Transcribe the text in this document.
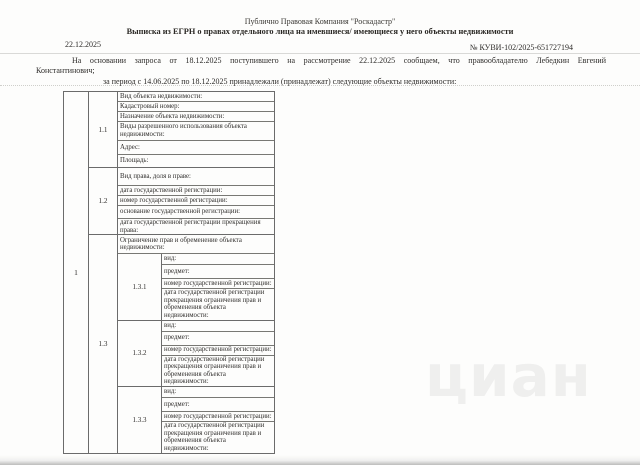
Публично Правовая Компания "Роскадастр"
Выписка из ЕГРН о правах отдельного лица на имевшиеся/ имеющиеся у него объекты недвижимости
22.12.2025	№ КУВИ-102/2025-651727194

На основании запроса от 18.12.2025 поступившего на рассмотрение 22.12.2025 сообщаем, что правообладателю Лебедкин Евгений Константинович;

за период с 14.06.2025 по 18.12.2025 принадлежали (принадлежат) следующие объекты недвижимости:
1
1.1
Вид объекта недвижимости:
Кадастровый номер:
Назначение объекта недвижимости:
Виды разрешенного использования объекта недвижимости:
Адрес:
Площадь:
1.2
Вид права, доля в праве:
дата государственной регистрации:
номер государственной регистрации:
основание государственной регистрации:
дата государственной регистрации прекращения права:
1.3
Ограничение прав и обременение объекта недвижимости:
1.3.1
вид:
предмет:
номер государственной регистрации:
дата государственной регистрации прекращения ограничения прав и обременения объекта недвижимости:
1.3.2
вид:
предмет:
номер государственной регистрации:
дата государственной регистрации прекращения ограничения прав и обременения объекта недвижимости:
1.3.3
вид:
предмет:
номер государственной регистрации:
дата государственной регистрации прекращения ограничения прав и обременения объекта недвижимости:
циан
